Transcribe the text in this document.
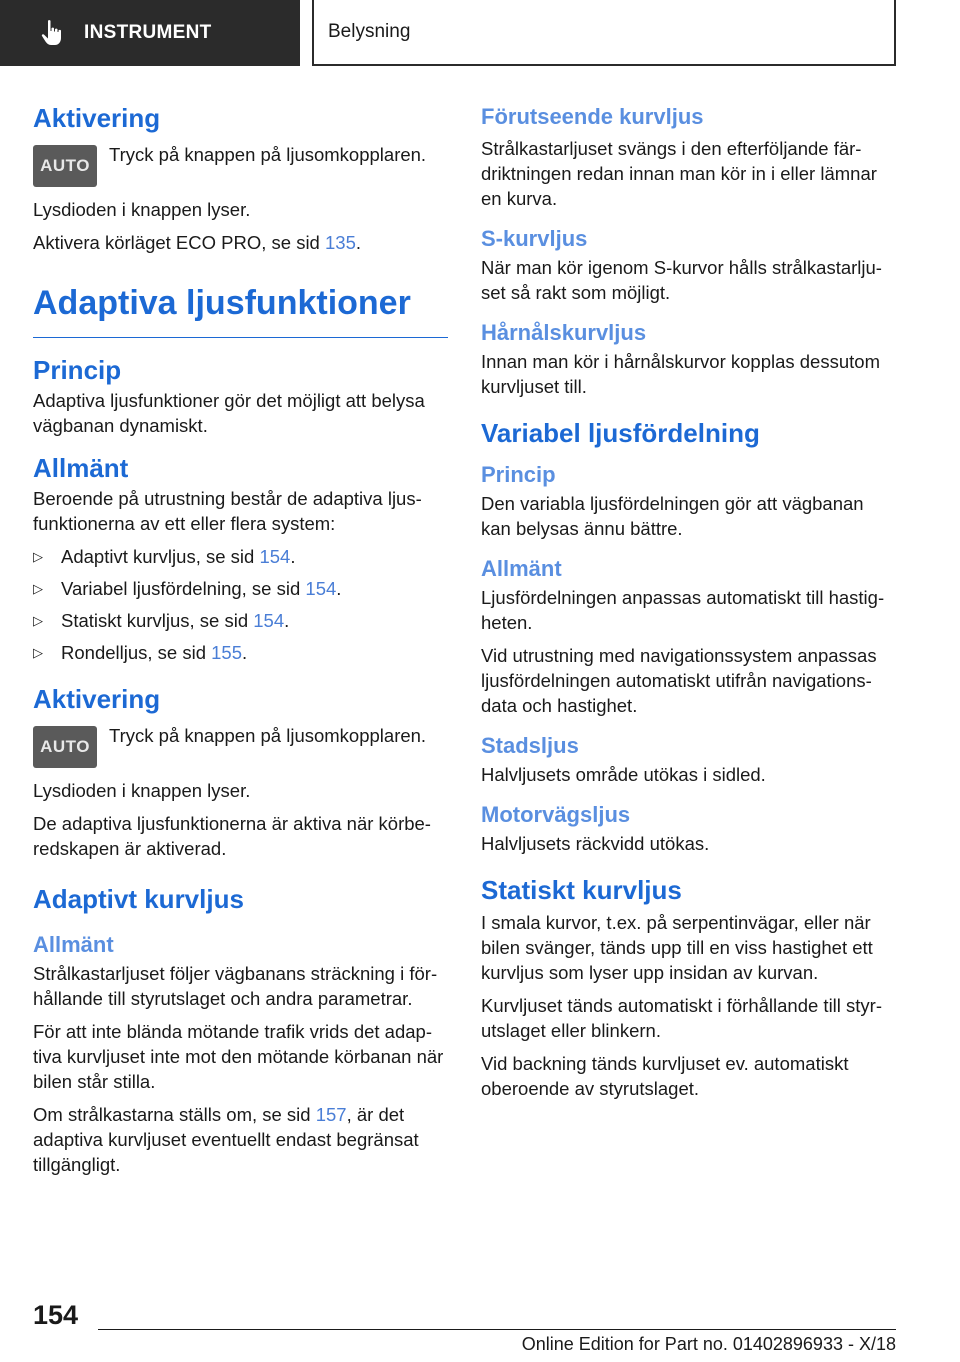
INSTRUMENT	Belysning
Aktivering
AUTO

Tryck på knappen på ljusomkopplaren.

Lysdioden i knappen lyser.

Aktivera körläget ECO PRO, se sid 135.

Adaptiva ljusfunktioner
Princip

Adaptiva ljusfunktioner gör det möjligt att belysa vägbanan dynamiskt.

Allmänt

Beroende på utrustning består de adaptiva ljus-funktionerna av ett eller flera system:

▷ Adaptivt kurvljus, se sid 154.
▷ Variabel ljusfördelning, se sid 154.
▷ Statiskt kurvljus, se sid 154.
▷ Rondelljus, se sid 155.
Aktivering
AUTO

Tryck på knappen på ljusomkopplaren.

Lysdioden i knappen lyser.

De adaptiva ljusfunktionerna är aktiva när körbe-redskapen är aktiverad.

Adaptivt kurvljus
Allmänt

Strålkastarljuset följer vägbanans sträckning i för-hållande till styrutslaget och andra parametrar.

För att inte blända mötande trafik vrids det adap-tiva kurvljuset inte mot den mötande körbanan när bilen står stilla.

Om strålkastarna ställs om, se sid 157, är det adaptiva kurvljuset eventuellt endast begränsat tillgängligt.

Förutseende kurvljus

Strålkastarljuset svängs i den efterföljande fär-driktningen redan innan man kör in i eller lämnar en kurva.

S-kurvljus

När man kör igenom S-kurvor hålls strålkastarlju-set så rakt som möjligt.

Hårnålskurvljus

Innan man kör i hårnålskurvor kopplas dessutom kurvljuset till.

Variabel ljusfördelning
Princip

Den variabla ljusfördelningen gör att vägbanan kan belysas ännu bättre.

Allmänt

Ljusfördelningen anpassas automatiskt till hastig-heten.

Vid utrustning med navigationssystem anpassas ljusfördelningen automatiskt utifrån navigations-data och hastighet.

Stadsljus

Halvljusets område utökas i sidled.

Motorvägsljus

Halvljusets räckvidd utökas.

Statiskt kurvljus

I smala kurvor, t.ex. på serpentinvägar, eller när bilen svänger, tänds upp till en viss hastighet ett kurvljus som lyser upp insidan av kurvan.

Kurvljuset tänds automatiskt i förhållande till styr-utslaget eller blinkern.

Vid backning tänds kurvljuset ev. automatiskt oberoende av styrutslaget.

154
Online Edition for Part no. 01402896933 - X/18
